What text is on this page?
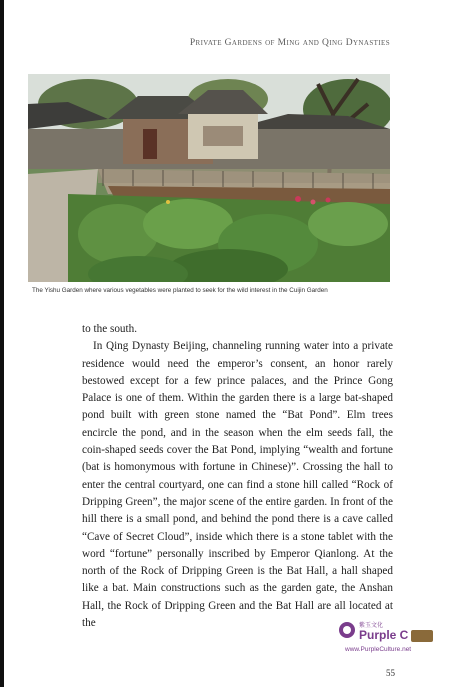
Private Gardens of Ming and Qing Dynasties
The Yishu Garden where various vegetables were planted to seek for the wild interest in the Cuijin Garden

to the south.

In Qing Dynasty Beijing, channeling running water into a private residence would need the emperor’s consent, an honor rarely bestowed except for a few prince palaces, and the Prince Gong Palace is one of them. Within the garden there is a large bat-shaped pond built with green stone named the “Bat Pond”. Elm trees encircle the pond, and in the season when the elm seeds fall, the coin-shaped seeds cover the Bat Pond, implying “wealth and fortune (bat is homonymous with fortune in Chinese)”. Crossing the hall to enter the central courtyard, one can find a stone hill called “Rock of Dripping Green”, the major scene of the entire garden. In front of the hill there is a small pond, and behind the pond there is a cave called “Cave of Secret Cloud”, inside which there is a stone tablet with the word “fortune” personally inscribed by Emperor Qianlong. At the north of the Rock of Dripping Green is the Bat Hall, a hall shaped like a bat. Main constructions such as the garden gate, the Anshan Hall, the Rock of Dripping Green and the Bat Hall are all located at the	紫玉文化
Purple C
www.PurpleCulture.net
55
